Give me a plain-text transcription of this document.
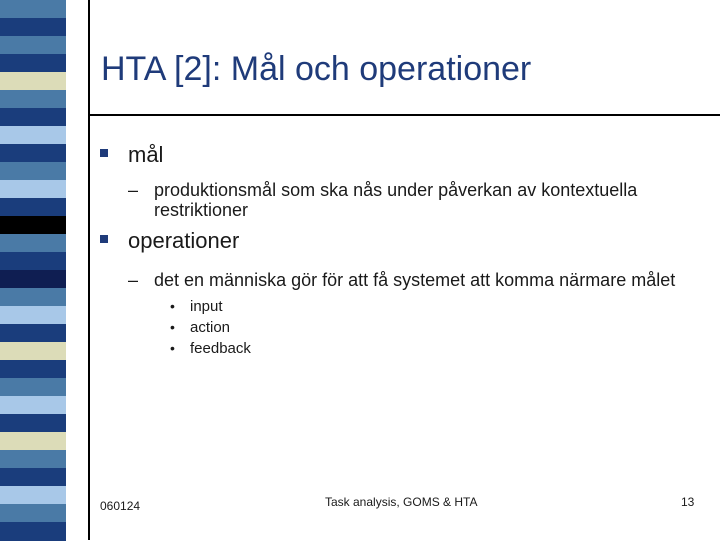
HTA [2]: Mål och operationer
mål
– produktionsmål som ska nås under påverkan av kontextuella restriktioner
operationer
– det en människa gör för att få systemet att komma närmare målet
• input
• action
• feedback
060124	Task analysis, GOMS & HTA	13
